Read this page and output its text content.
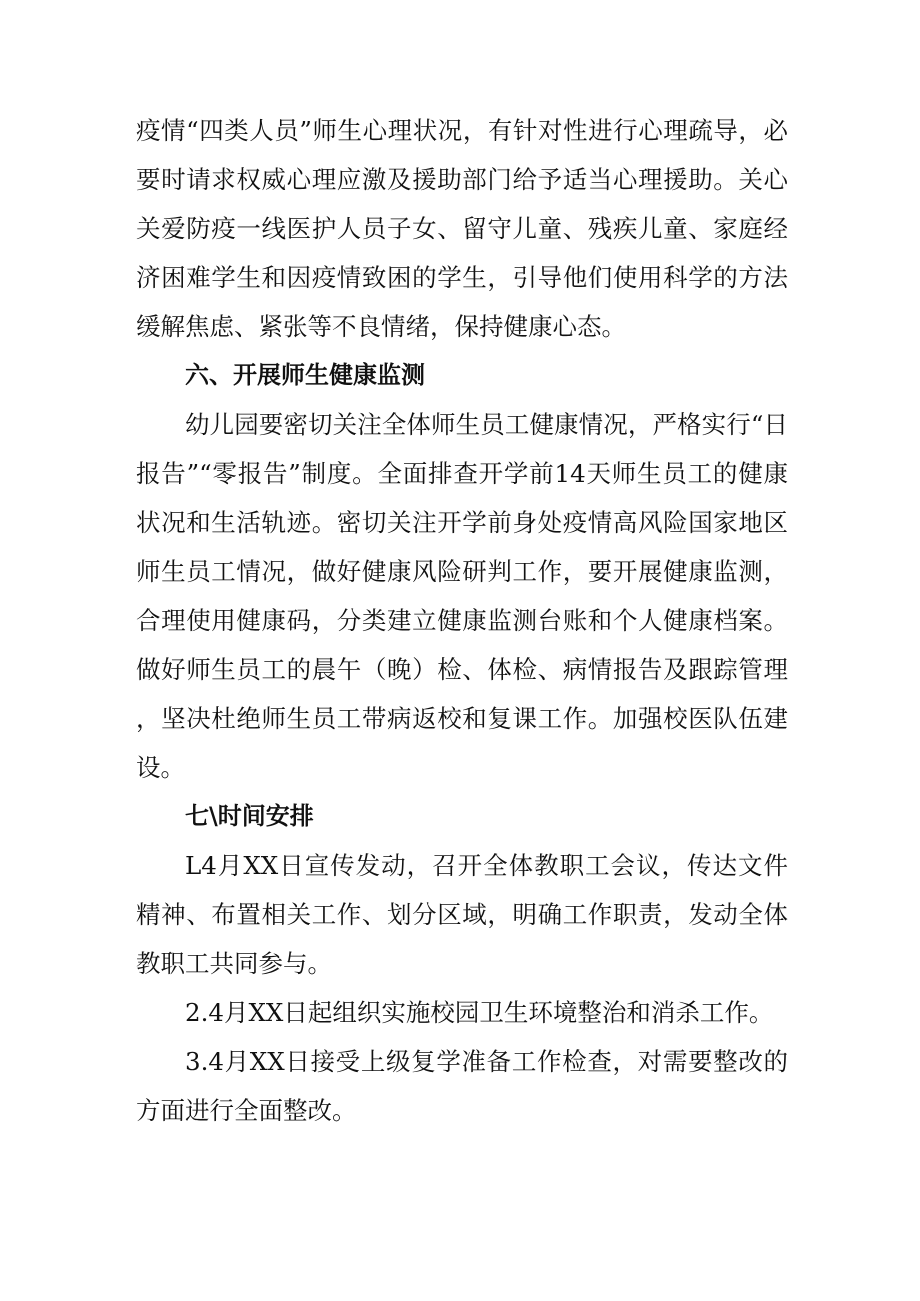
疫情“四类人员”师生心理状况，有针对性进行心理疏导，必要时请求权威心理应激及援助部门给予适当心理援助。关心关爱防疫一线医护人员子女、留守儿童、残疾儿童、家庭经济困难学生和因疫情致困的学生，引导他们使用科学的方法缓解焦虑、紧张等不良情绪，保持健康心态。

六、开展师生健康监测

幼儿园要密切关注全体师生员工健康情况，严格实行“日报告”“零报告”制度。全面排查开学前14天师生员工的健康状况和生活轨迹。密切关注开学前身处疫情高风险国家地区师生员工情况，做好健康风险研判工作，要开展健康监测，合理使用健康码，分类建立健康监测台账和个人健康档案。做好师生员工的晨午（晚）检、体检、病情报告及跟踪管理，坚决杜绝师生员工带病返校和复课工作。加强校医队伍建设。

七\时间安排

L4月XX日宣传发动，召开全体教职工会议，传达文件精神、布置相关工作、划分区域，明确工作职责，发动全体教职工共同参与。

2.4月XX日起组织实施校园卫生环境整治和消杀工作。

3.4月XX日接受上级复学准备工作检查，对需要整改的方面进行全面整改。
